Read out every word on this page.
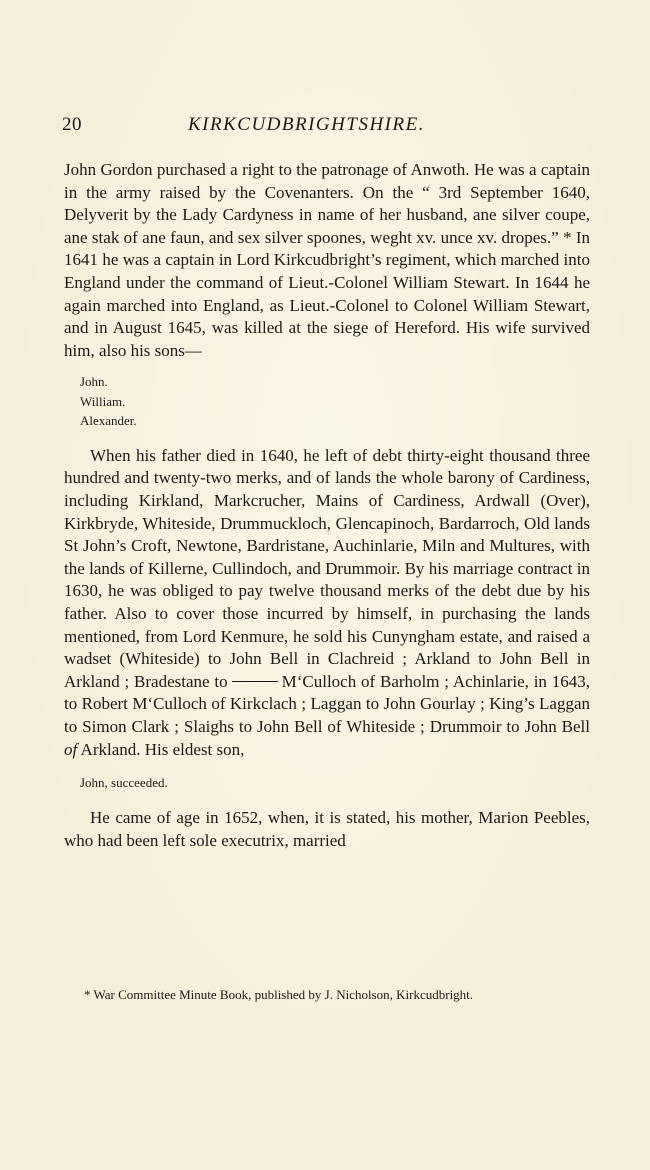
20	KIRKCUDBRIGHTSHIRE.

John Gordon purchased a right to the patronage of Anwoth. He was a captain in the army raised by the Covenanters. On the “ 3rd September 1640, Delyverit by the Lady Cardyness in name of her husband, ane silver coupe, ane stak of ane faun, and sex silver spoones, weght xv. unce xv. dropes.” * In 1641 he was a captain in Lord Kirkcudbright’s regiment, which marched into England under the command of Lieut.-Colonel William Stewart. In 1644 he again marched into England, as Lieut.-Colonel to Colonel William Stewart, and in August 1645, was killed at the siege of Hereford. His wife survived him, also his sons—

John.
William.
Alexander.

When his father died in 1640, he left of debt thirty-eight thousand three hundred and twenty-two merks, and of lands the whole barony of Cardiness, including Kirkland, Markcrucher, Mains of Cardiness, Ardwall (Over), Kirkbryde, Whiteside, Drummuckloch, Glencapinoch, Bardarroch, Old lands St John’s Croft, Newtone, Bardristane, Auchinlarie, Miln and Multures, with the lands of Killerne, Cullindoch, and Drummoir. By his marriage contract in 1630, he was obliged to pay twelve thousand merks of the debt due by his father. Also to cover those incurred by himself, in purchasing the lands mentioned, from Lord Kenmure, he sold his Cunyngham estate, and raised a wadset (Whiteside) to John Bell in Clachreid ; Arkland to John Bell in Arkland ; Bradestane to	M‘Culloch of Barholm ; Achinlarie, in 1643, to Robert M‘Culloch of Kirkclach ; Laggan to John Gourlay ; King’s Laggan to Simon Clark ; Slaighs to John Bell of Whiteside ; Drummoir to John Bell of Arkland. His eldest son,

John, succeeded.

He came of age in 1652, when, it is stated, his mother, Marion Peebles, who had been left sole executrix, married

* War Committee Minute Book, published by J. Nicholson, Kirkcudbright.
